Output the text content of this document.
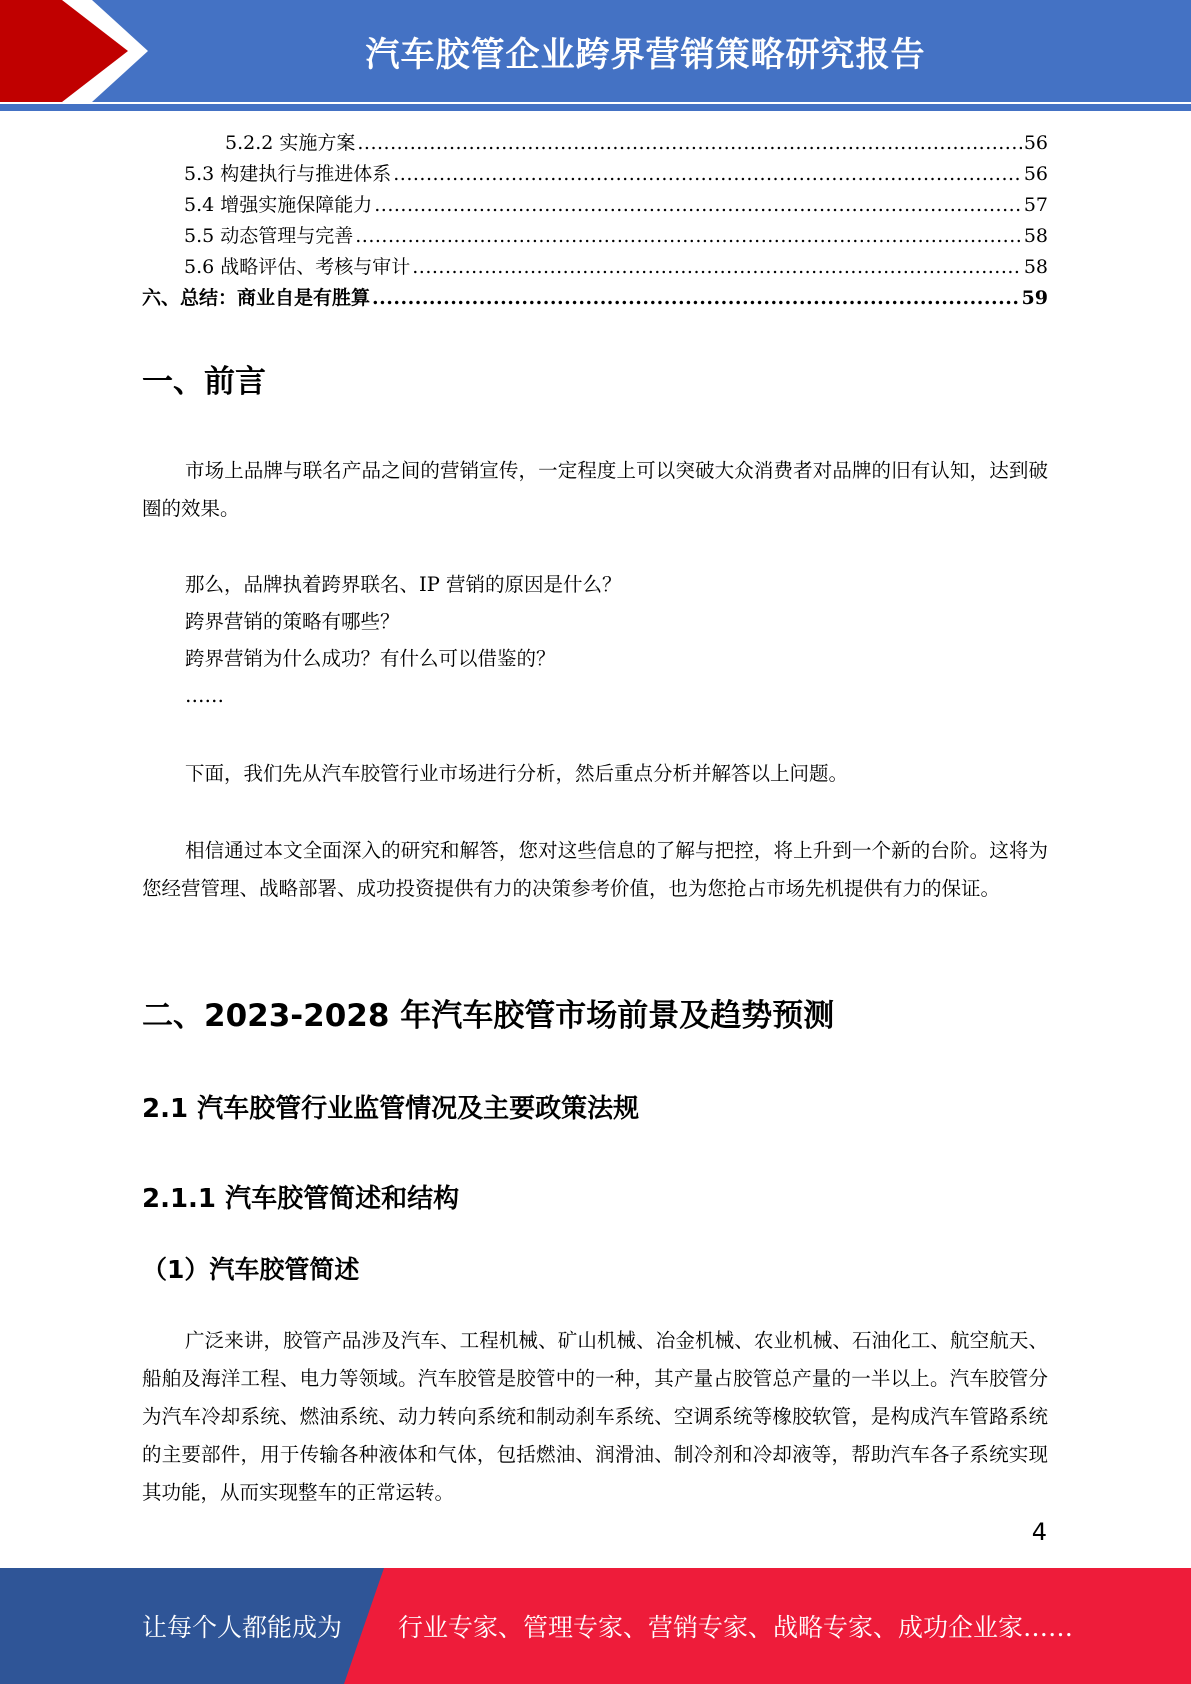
汽车胶管企业跨界营销策略研究报告
5.2.2 实施方案 .....	56
5.3 构建执行与推进体系 .....	56
5.4 增强实施保障能力 .....	57
5.5 动态管理与完善 .....	58
5.6 战略评估、考核与审计 .....	58
六、总结：商业自是有胜算 .....	59
一、前言
市场上品牌与联名产品之间的营销宣传，一定程度上可以突破大众消费者对品牌的旧有认知，达到破圈的效果。
那么，品牌执着跨界联名、IP 营销的原因是什么？
跨界营销的策略有哪些？
跨界营销为什么成功？有什么可以借鉴的？
……
下面，我们先从汽车胶管行业市场进行分析，然后重点分析并解答以上问题。
相信通过本文全面深入的研究和解答，您对这些信息的了解与把控，将上升到一个新的台阶。这将为您经营管理、战略部署、成功投资提供有力的决策参考价值，也为您抢占市场先机提供有力的保证。
二、2023-2028 年汽车胶管市场前景及趋势预测
2.1 汽车胶管行业监管情况及主要政策法规
2.1.1 汽车胶管简述和结构
（1）汽车胶管简述
广泛来讲，胶管产品涉及汽车、工程机械、矿山机械、冶金机械、农业机械、石油化工、航空航天、船舶及海洋工程、电力等领域。汽车胶管是胶管中的一种，其产量占胶管总产量的一半以上。汽车胶管分为汽车冷却系统、燃油系统、动力转向系统和制动刹车系统、空调系统等橡胶软管，是构成汽车管路系统的主要部件，用于传输各种液体和气体，包括燃油、润滑油、制冷剂和冷却液等，帮助汽车各子系统实现其功能，从而实现整车的正常运转。
4
让每个人都能成为 行业专家、管理专家、营销专家、战略专家、成功企业家……
